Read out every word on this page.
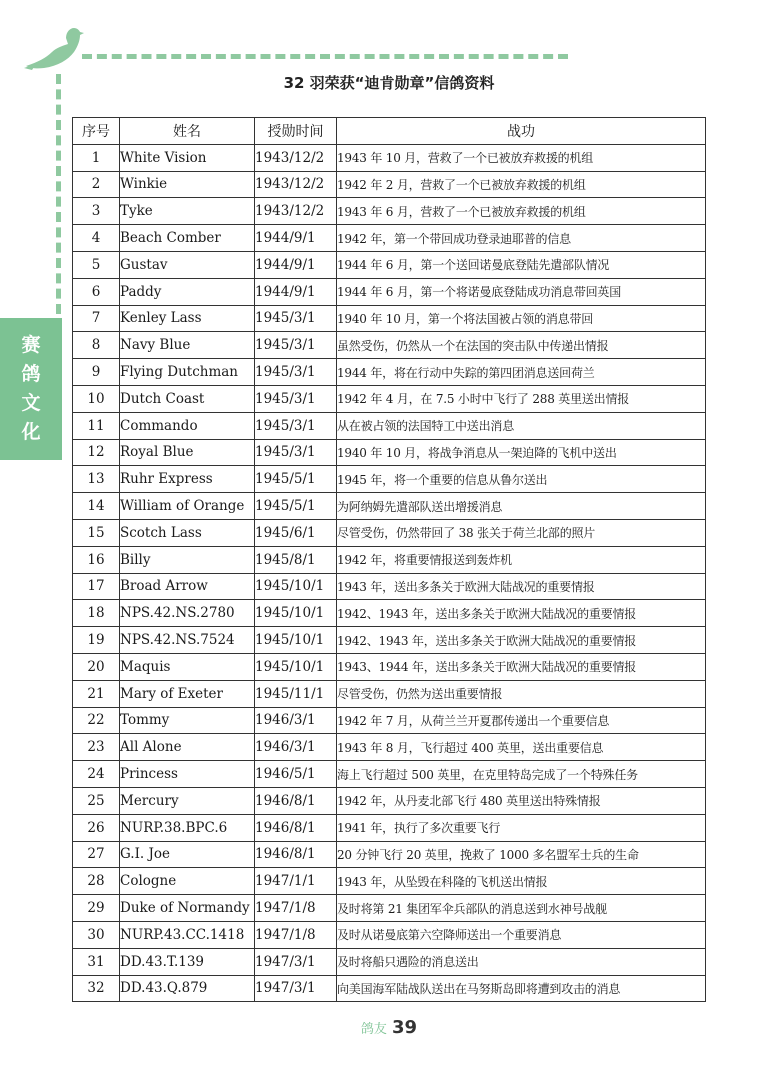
赛
鸽
文
化
32 羽荣获“迪肯勋章”信鸽资料
序号	姓名	授勋时间	战功
1	White Vision	1943/12/2	1943 年 10 月，营救了一个已被放弃救援的机组
2	Winkie	1943/12/2	1942 年 2 月，营救了一个已被放弃救援的机组
3	Tyke	1943/12/2	1943 年 6 月，营救了一个已被放弃救援的机组
4	Beach Comber	1944/9/1	1942 年，第一个带回成功登录迪耶普的信息
5	Gustav	1944/9/1	1944 年 6 月，第一个送回诺曼底登陆先遣部队情况
6	Paddy	1944/9/1	1944 年 6 月，第一个将诺曼底登陆成功消息带回英国
7	Kenley Lass	1945/3/1	1940 年 10 月，第一个将法国被占领的消息带回
8	Navy Blue	1945/3/1	虽然受伤，仍然从一个在法国的突击队中传递出情报
9	Flying Dutchman	1945/3/1	1944 年，将在行动中失踪的第四团消息送回荷兰
10	Dutch Coast	1945/3/1	1942 年 4 月，在 7.5 小时中飞行了 288 英里送出情报
11	Commando	1945/3/1	从在被占领的法国特工中送出消息
12	Royal Blue	1945/3/1	1940 年 10 月，将战争消息从一架迫降的飞机中送出
13	Ruhr Express	1945/5/1	1945 年，将一个重要的信息从鲁尔送出
14	William of Orange	1945/5/1	为阿纳姆先遣部队送出增援消息
15	Scotch Lass	1945/6/1	尽管受伤，仍然带回了 38 张关于荷兰北部的照片
16	Billy	1945/8/1	1942 年，将重要情报送到轰炸机
17	Broad Arrow	1945/10/1	1943 年，送出多条关于欧洲大陆战况的重要情报
18	NPS.42.NS.2780	1945/10/1	1942、1943 年，送出多条关于欧洲大陆战况的重要情报
19	NPS.42.NS.7524	1945/10/1	1942、1943 年，送出多条关于欧洲大陆战况的重要情报
20	Maquis	1945/10/1	1943、1944 年，送出多条关于欧洲大陆战况的重要情报
21	Mary of Exeter	1945/11/1	尽管受伤，仍然为送出重要情报
22	Tommy	1946/3/1	1942 年 7 月，从荷兰兰开夏郡传递出一个重要信息
23	All Alone	1946/3/1	1943 年 8 月，飞行超过 400 英里，送出重要信息
24	Princess	1946/5/1	海上飞行超过 500 英里，在克里特岛完成了一个特殊任务
25	Mercury	1946/8/1	1942 年，从丹麦北部飞行 480 英里送出特殊情报
26	NURP.38.BPC.6	1946/8/1	1941 年，执行了多次重要飞行
27	G.I. Joe	1946/8/1	20 分钟飞行 20 英里，挽救了 1000 多名盟军士兵的生命
28	Cologne	1947/1/1	1943 年，从坠毁在科隆的飞机送出情报
29	Duke of Normandy	1947/1/8	及时将第 21 集团军伞兵部队的消息送到水神号战舰
30	NURP.43.CC.1418	1947/1/8	及时从诺曼底第六空降师送出一个重要消息
31	DD.43.T.139	1947/3/1	及时将船只遇险的消息送出
32	DD.43.Q.879	1947/3/1	向美国海军陆战队送出在马努斯岛即将遭到攻击的消息
鸽友 39
